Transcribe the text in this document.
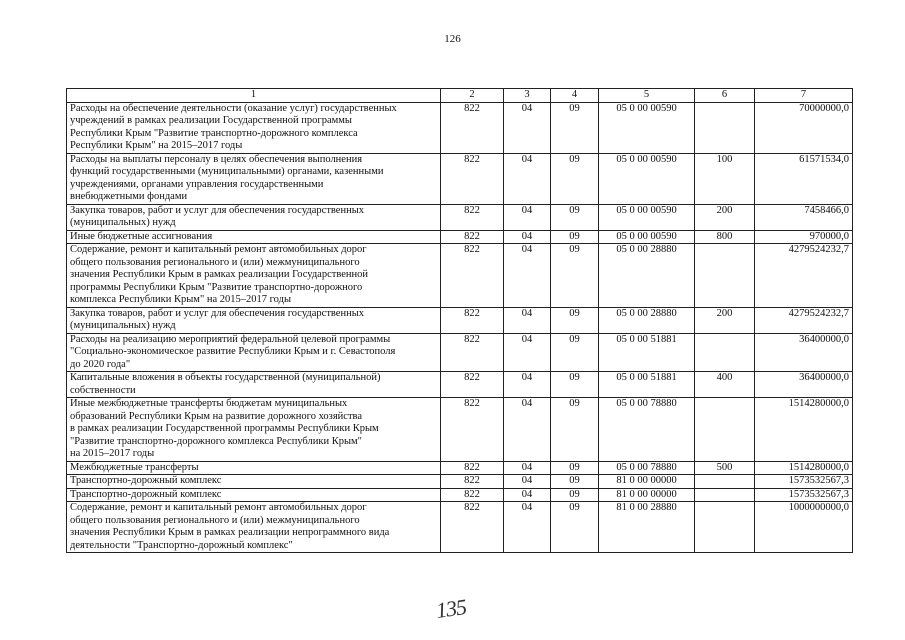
126
1	2	3	4	5	6	7
Расходы на обеспечение деятельности (оказание услуг) государственных
учреждений в рамках реализации Государственной программы
Республики Крым "Развитие транспортно-дорожного комплекса
Республики Крым" на 2015–2017 годы	822	04	09	05 0 00 00590		70000000,0
Расходы на выплаты персоналу в целях обеспечения выполнения
функций государственными (муниципальными) органами, казенными
учреждениями, органами управления государственными
внебюджетными фондами	822	04	09	05 0 00 00590	100	61571534,0
Закупка товаров, работ и услуг для обеспечения государственных
(муниципальных) нужд	822	04	09	05 0 00 00590	200	7458466,0
Иные бюджетные ассигнования	822	04	09	05 0 00 00590	800	970000,0
Содержание, ремонт и капитальный ремонт автомобильных дорог
общего пользования регионального и (или) межмуниципального
значения Республики Крым в рамках реализации Государственной
программы Республики Крым "Развитие транспортно-дорожного
комплекса Республики Крым" на 2015–2017 годы	822	04	09	05 0 00 28880		4279524232,7
Закупка товаров, работ и услуг для обеспечения государственных
(муниципальных) нужд	822	04	09	05 0 00 28880	200	4279524232,7
Расходы на реализацию мероприятий федеральной целевой программы
"Социально-экономическое развитие Республики Крым и г. Севастополя
до 2020 года"	822	04	09	05 0 00 51881		36400000,0
Капитальные вложения в объекты государственной (муниципальной)
собственности	822	04	09	05 0 00 51881	400	36400000,0
Иные межбюджетные трансферты бюджетам муниципальных
образований Республики Крым на развитие дорожного хозяйства
в рамках реализации Государственной программы Республики Крым
"Развитие транспортно-дорожного комплекса Республики Крым"
на 2015–2017 годы	822	04	09	05 0 00 78880		1514280000,0
Межбюджетные трансферты	822	04	09	05 0 00 78880	500	1514280000,0
Транспортно-дорожный комплекс	822	04	09	81 0 00 00000		1573532567,3
Транспортно-дорожный комплекс	822	04	09	81 0 00 00000		1573532567,3
Содержание, ремонт и капитальный ремонт автомобильных дорог
общего пользования регионального и (или) межмуниципального
значения Республики Крым в рамках реализации непрограммного вида
деятельности "Транспортно-дорожный комплекс"	822	04	09	81 0 00 28880		1000000000,0
135
